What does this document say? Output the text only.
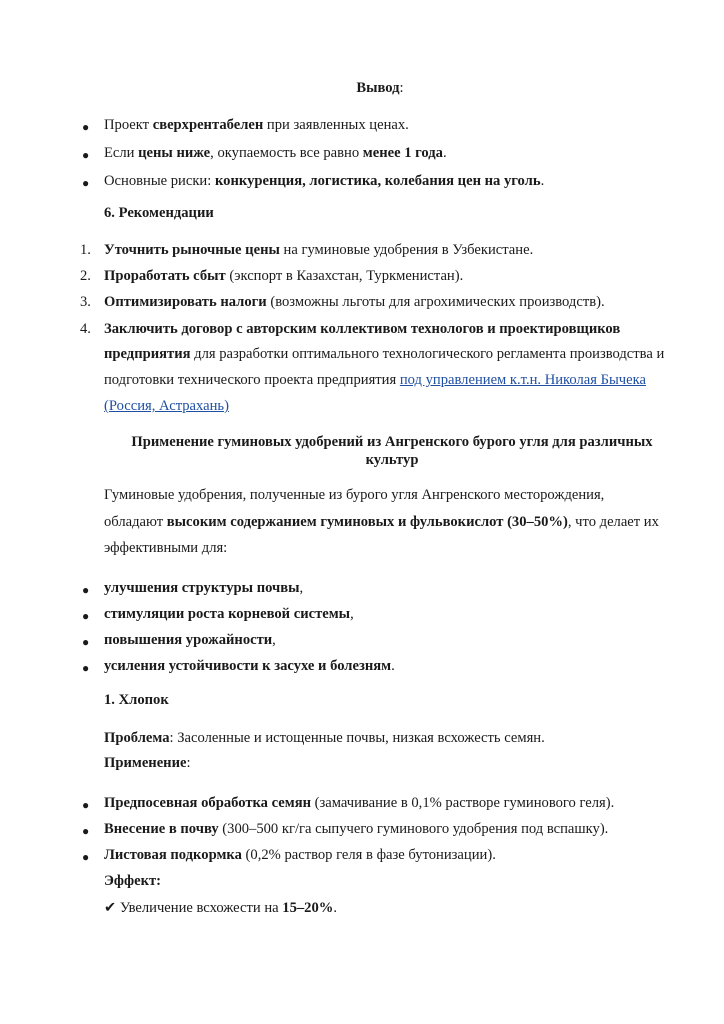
Вывод:
● Проект сверхрентабелен при заявленных ценах.
● Если цены ниже, окупаемость все равно менее 1 года.
● Основные риски: конкуренция, логистика, колебания цен на уголь.
6. Рекомендации
1. Уточнить рыночные цены на гуминовые удобрения в Узбекистане.
2. Проработать сбыт (экспорт в Казахстан, Туркменистан).
3. Оптимизировать налоги (возможны льготы для агрохимических производств).
4. Заключить договор с авторским коллективом технологов и проектировщиков
предприятия для разработки оптимального технологического регламента производства и
подготовки технического проекта предприятия под управлением к.т.н. Николая Бычека
(Россия, Астрахань)
Применение гуминовых удобрений из Ангренского бурого угля для различных
культур
Гуминовые удобрения, полученные из бурого угля Ангренского месторождения,
обладают высоким содержанием гуминовых и фульвокислот (30–50%), что делает их
эффективными для:
● улучшения структуры почвы,
● стимуляции роста корневой системы,
● повышения урожайности,
● усиления устойчивости к засухе и болезням.
1. Хлопок
Проблема: Засоленные и истощенные почвы, низкая всхожесть семян.
Применение:
● Предпосевная обработка семян (замачивание в 0,1% растворе гуминового геля).
● Внесение в почву (300–500 кг/га сыпучего гуминового удобрения под вспашку).
● Листовая подкормка (0,2% раствор геля в фазе бутонизации).
Эффект:
✔ Увеличение всхожести на 15–20%.
